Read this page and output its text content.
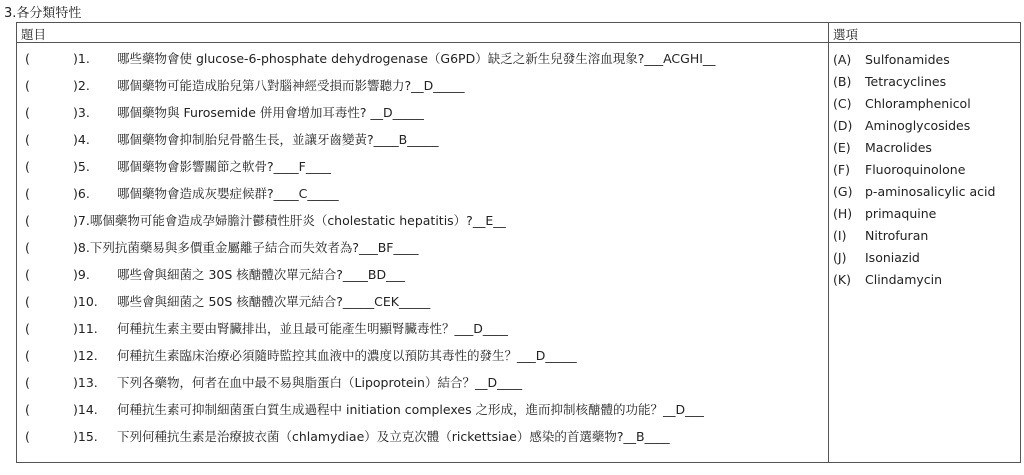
3.各分類特性
題目	選項
(	)1. 哪些藥物會使 glucose-6-phosphate dehydrogenase（G6PD）缺乏之新生兒發生溶血現象?___ACGHI__
(	)2. 哪個藥物可能造成胎兒第八對腦神經受損而影響聽力?__D_____
(	)3. 哪個藥物與 Furosemide 併用會增加耳毒性? __D_____
(	)4. 哪個藥物會抑制胎兒骨骼生長，並讓牙齒變黃?____B_____
(	)5. 哪個藥物會影響關節之軟骨?____F____
(	)6. 哪個藥物會造成灰嬰症候群?____C_____
(	)7.哪個藥物可能會造成孕婦膽汁鬱積性肝炎（cholestatic hepatitis）?__E__
(	)8.下列抗菌藥易與多價重金屬離子結合而失效者為?___BF____
(	)9. 哪些會與細菌之 30S 核醣體次單元結合?____BD___
(	)10. 哪些會與細菌之 50S 核醣體次單元結合?_____CEK_____
(	)11. 何種抗生素主要由腎臟排出，並且最可能產生明顯腎臟毒性？___D____
(	)12. 何種抗生素臨床治療必須隨時監控其血液中的濃度以預防其毒性的發生？___D_____
(	)13. 下列各藥物，何者在血中最不易與脂蛋白（Lipoprotein）結合？__D____
(	)14. 何種抗生素可抑制細菌蛋白質生成過程中 initiation complexes 之形成，進而抑制核醣體的功能？__D___
(	)15. 下列何種抗生素是治療披衣菌（chlamydiae）及立克次體（rickettsiae）感染的首選藥物?__B____
(A) Sulfonamides
(B) Tetracyclines
(C) Chloramphenicol
(D) Aminoglycosides
(E) Macrolides
(F) Fluoroquinolone
(G) p-aminosalicylic acid
(H) primaquine
(I) Nitrofuran
(J) Isoniazid
(K) Clindamycin
